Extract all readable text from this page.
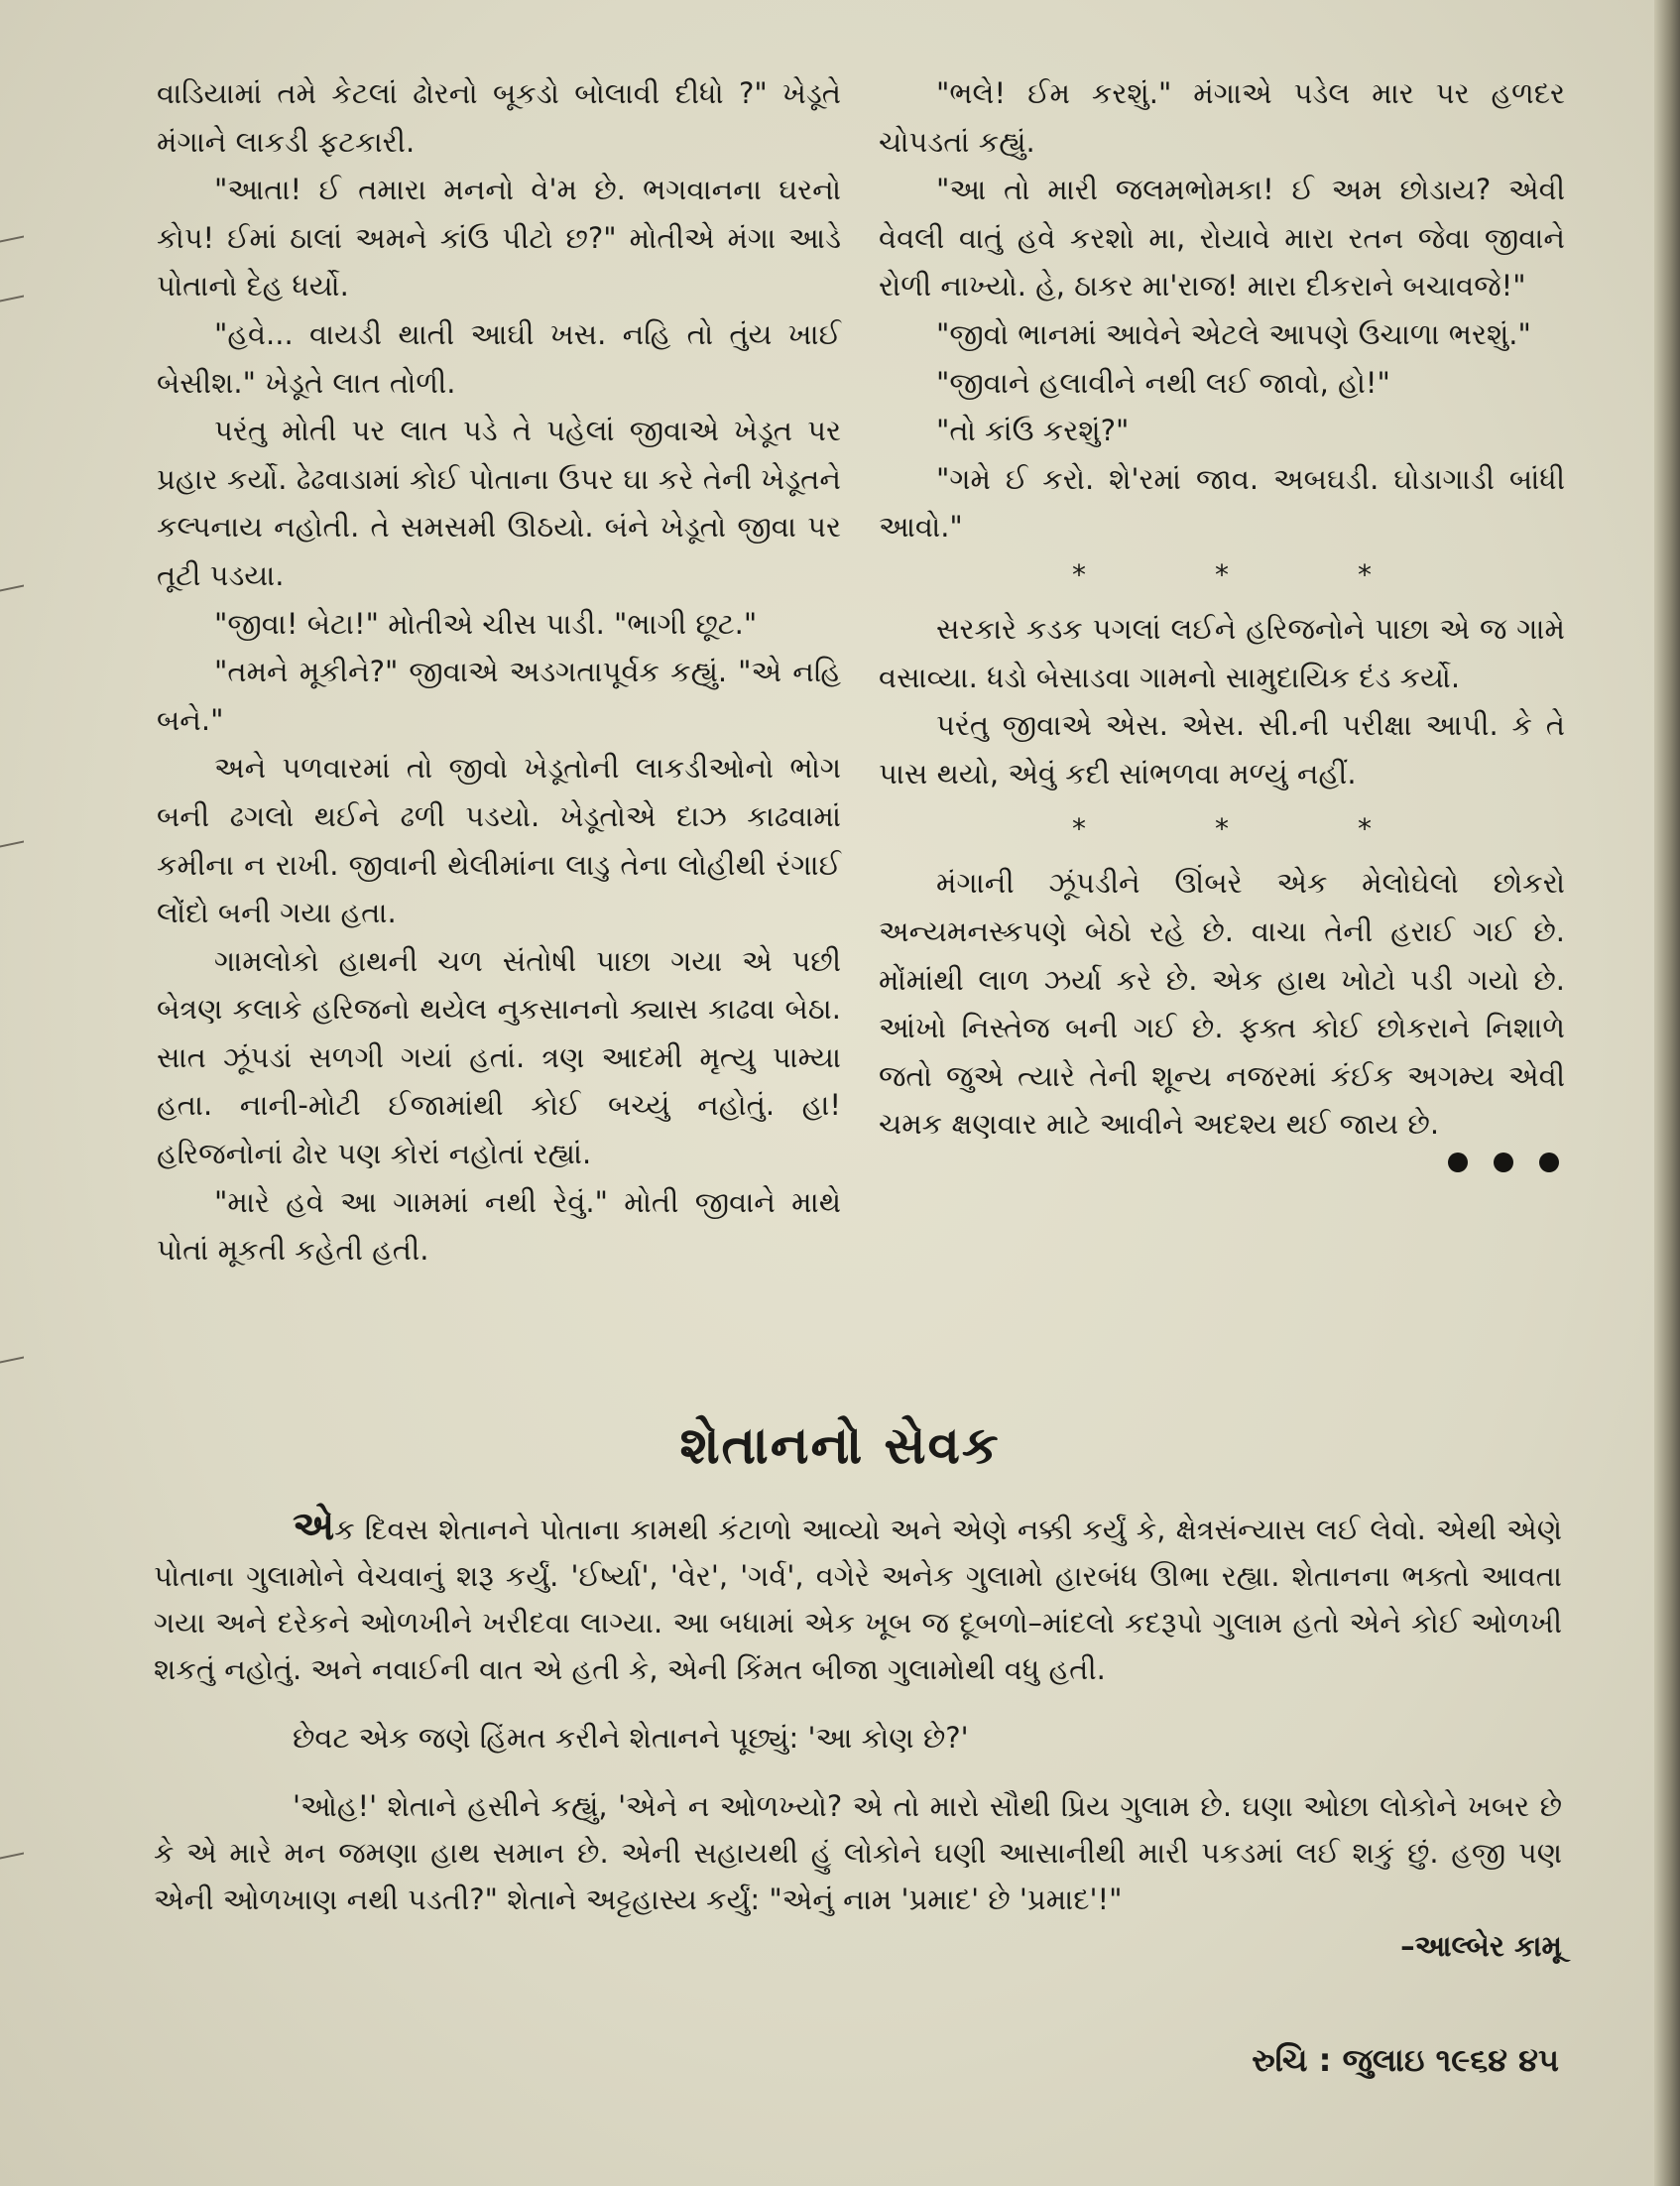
વાડિયામાં તમે કેટલાં ઢોરનો બૂકડો બોલાવી દીધો ?" ખેડૂતે મંગાને લાકડી ફટકારી.

"આતા! ઈ તમારા મનનો વે'મ છે. ભગવાનના ઘરનો કોપ! ઈમાં ઠાલાં અમને કાંઉ પીટો છ?" મોતીએ મંગા આડે પોતાનો દેહ ધર્યો.

"હવે... વાયડી થાતી આઘી ખસ. નહિ તો તુંય ખાઈ બેસીશ." ખેડૂતે લાત તોળી.

પરંતુ મોતી પર લાત પડે તે પહેલાં જીવાએ ખેડૂત પર પ્રહાર કર્યો. ઢેઢવાડામાં કોઈ પોતાના ઉપર ઘા કરે તેની ખેડૂતને કલ્પનાય નહોતી. તે સમસમી ઊઠયો. બંને ખેડૂતો જીવા પર તૂટી પડયા.

"જીવા! બેટા!" મોતીએ ચીસ પાડી. "ભાગી છૂટ."

"તમને મૂકીને?" જીવાએ અડગતાપૂર્વક કહ્યું. "એ નહિ બને."

અને પળવારમાં તો જીવો ખેડૂતોની લાકડીઓનો ભોગ બની ઢગલો થઈને ઢળી પડયો. ખેડૂતોએ દાઝ કાઢવામાં કમીના ન રાખી. જીવાની થેલીમાંના લાડુ તેના લોહીથી રંગાઈ લોંદો બની ગયા હતા.

ગામલોકો હાથની ચળ સંતોષી પાછા ગયા એ પછી બેત્રણ કલાકે હરિજનો થયેલ નુકસાનનો ક્યાસ કાઢવા બેઠા. સાત ઝૂંપડાં સળગી ગયાં હતાં. ત્રણ આદમી મૃત્યુ પામ્યા હતા. નાની-મોટી ઈજામાંથી કોઈ બચ્યું નહોતું. હા! હરિજનોનાં ઢોર પણ કોરાં નહોતાં રહ્યાં.

"મારે હવે આ ગામમાં નથી રેવું." મોતી જીવાને માથે પોતાં મૂકતી કહેતી હતી.

"ભલે! ઈમ કરશું." મંગાએ પડેલ માર પર હળદર ચોપડતાં કહ્યું.

"આ તો મારી જલમભોમકા! ઈ અમ છોડાય? એવી વેવલી વાતું હવે કરશો મા, રોયાવે મારા રતન જેવા જીવાને રોળી નાખ્યો. હે, ઠાકર મા'રાજ! મારા દીકરાને બચાવજે!"

"જીવો ભાનમાં આવેને એટલે આપણે ઉચાળા ભરશું."

"જીવાને હલાવીને નથી લઈ જાવો, હો!"

"તો કાંઉ કરશું?"

"ગમે ઈ કરો. શે'રમાં જાવ. અબઘડી. ઘોડાગાડી બાંધી આવો."

*	*	*

સરકારે કડક પગલાં લઈને હરિજનોને પાછા એ જ ગામે વસાવ્યા. ધડો બેસાડવા ગામનો સામુદાયિક દંડ કર્યો.

પરંતુ જીવાએ એસ. એસ. સી.ની પરીક્ષા આપી. કે તે પાસ થયો, એવું કદી સાંભળવા મળ્યું નહીં.

*	*	*

મંગાની ઝૂંપડીને ઊંબરે એક મેલોઘેલો છોકરો અન્યમનસ્કપણે બેઠો રહે છે. વાચા તેની હરાઈ ગઈ છે. મોંમાંથી લાળ ઝર્યા કરે છે. એક હાથ ખોટો પડી ગયો છે. આંખો નિસ્તેજ બની ગઈ છે. ફક્ત કોઈ છોકરાને નિશાળે જતો જુએ ત્યારે તેની શૂન્ય નજરમાં કંઈક અગમ્ય એવી ચમક ક્ષણવાર માટે આવીને અદશ્ય થઈ જાય છે.

શેતાનનો સેવક

એક દિવસ શેતાનને પોતાના કામથી કંટાળો આવ્યો અને એણે નક્કી કર્યું કે, ક્ષેત્રસંન્યાસ લઈ લેવો. એથી એણે પોતાના ગુલામોને વેચવાનું શરૂ કર્યું. 'ઈર્ષ્યા', 'વેર', 'ગર્વ', વગેરે અનેક ગુલામો હારબંધ ઊભા રહ્યા. શેતાનના ભક્તો આવતા ગયા અને દરેકને ઓળખીને ખરીદવા લાગ્યા. આ બધામાં એક ખૂબ જ દૂબળો–માંદલો કદરૂપો ગુલામ હતો એને કોઈ ઓળખી શકતું નહોતું. અને નવાઈની વાત એ હતી કે, એની કિંમત બીજા ગુલામોથી વધુ હતી.

છેવટ એક જણે હિંમત કરીને શેતાનને પૂછ્યું: 'આ કોણ છે?'

'ઓહ!' શેતાને હસીને કહ્યું, 'એને ન ઓળખ્યો? એ તો મારો સૌથી પ્રિય ગુલામ છે. ઘણા ઓછા લોકોને ખબર છે કે એ મારે મન જમણા હાથ સમાન છે. એની સહાયથી હું લોકોને ઘણી આસાનીથી મારી પકડમાં લઈ શકું છું. હજી પણ એની ઓળખાણ નથી પડતી?" શેતાને અટ્ટહાસ્ય કર્યું: "એનું નામ 'પ્રમાદ' છે 'પ્રમાદ'!"

–આલ્બેર કામૂ

રુચિ : જુલાઇ ૧૯૬૪ ૪૫
